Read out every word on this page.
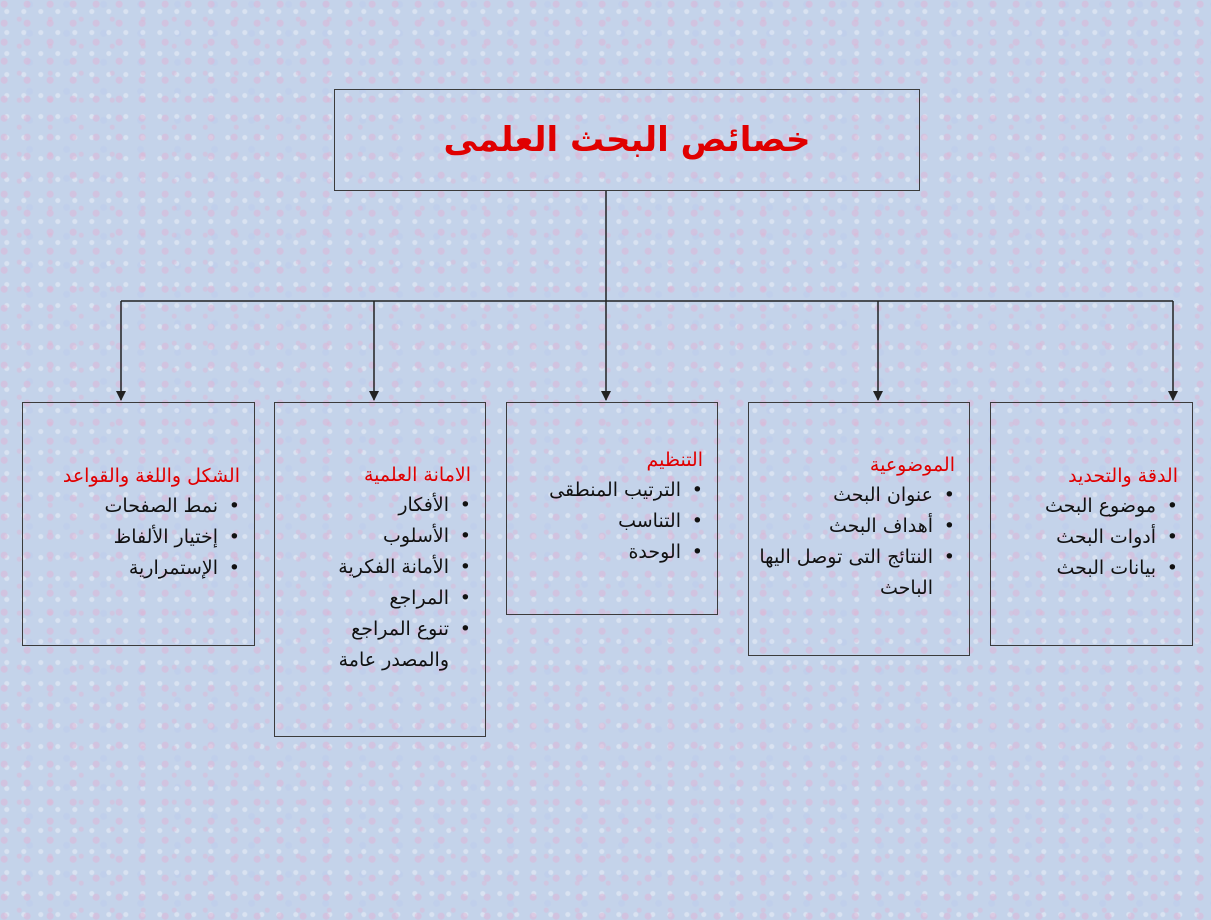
خصائص البحث العلمى
الدقة والتحديد
•
موضوع البحث
•
أدوات البحث
•
بيانات البحث
الموضوعية
•
عنوان البحث
•
أهداف البحث
•
النتائج التى توصل اليها الباحث
التنظيم
•
الترتيب المنطقى
•
التناسب
•
الوحدة
الامانة العلمية
•
الأفكار
•
الأسلوب
•
الأمانة الفكرية
•
المراجع
•
تنوع المراجع والمصدر عامة
الشكل واللغة والقواعد
•
نمط الصفحات
•
إختيار الألفاظ
•
الإستمرارية
